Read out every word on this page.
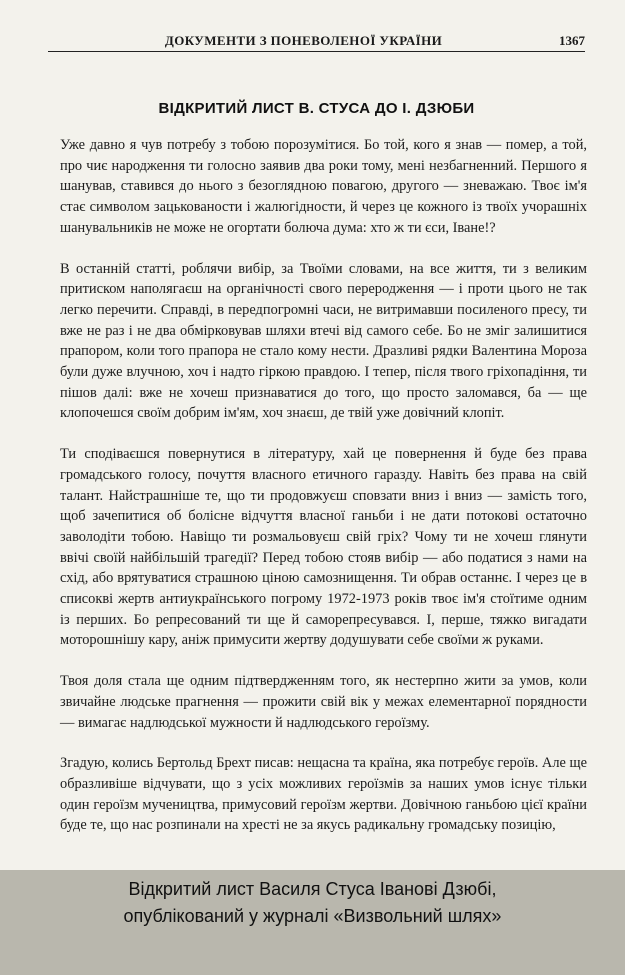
ДОКУМЕНТИ З ПОНЕВОЛЕНОЇ УКРАЇНИ	1367
ВІДКРИТИЙ ЛИСТ В. СТУСА ДО І. ДЗЮБИ

Уже давно я чув потребу з тобою порозумітися. Бо той, кого я знав — помер, а той, про чиє народження ти голосно заявив два роки тому, мені незбагненний. Першого я шанував, ставився до нього з безоглядною повагою, другого — зневажаю. Твоє ім'я стає символом зацькованости і жалюгідности, й через це кожного із твоїх учорашніх шанувальників не може не огортати болюча дума: хто ж ти єси, Іване!?

В останній статті, роблячи вибір, за Твоїми словами, на все життя, ти з великим притиском наполягаєш на органічності свого переродження — і проти цього не так легко перечити. Справді, в передпогромні часи, не витримавши посиленого пресу, ти вже не раз і не два обмірковував шляхи втечі від самого себе. Бо не зміг залишитися прапором, коли того прапора не стало кому нести. Дразливі рядки Валентина Мороза були дуже влучною, хоч і надто гіркою правдою. І тепер, після твого гріхопадіння, ти пішов далі: вже не хочеш признаватися до того, що просто заломався, ба — ще клопочешся своїм добрим ім'ям, хоч знаєш, де твій уже довічний клопіт.

Ти сподіваєшся повернутися в літературу, хай це повернення й буде без права громадського голосу, почуття власного етичного гаразду. Навіть без права на свій талант. Найстрашніше те, що ти продовжуєш сповзати вниз і вниз — замість того, щоб зачепитися об болісне відчуття власної ганьби і не дати потокові остаточно заволодіти тобою. Навіщо ти розмальовуєш свій гріх? Чому ти не хочеш глянути ввічі своїй найбільшій трагедії? Перед тобою стояв вибір — або податися з нами на схід, або врятуватися страшною ціною самознищення. Ти обрав останнє. І через це в списокві жертв антиукраїнського погрому 1972-1973 років твоє ім'я стоїтиме одним із перших. Бо репресований ти ще й саморепресувався. І, перше, тяжко вигадати моторошнішу кару, аніж примусити жертву додушувати себе своїми ж руками.

Твоя доля стала ще одним підтвердженням того, як нестерпно жити за умов, коли звичайне людське прагнення — прожити свій вік у межах елементарної порядности — вимагає надлюдської мужности й надлюдського героїзму.

Згадую, колись Бертольд Брехт писав: нещасна та країна, яка потребує героїв. Але ще образливіше відчувати, що з усіх можливих героїзмів за наших умов існує тільки один героїзм мучеництва, примусовий героїзм жертви. Довічною ганьбою цієї країни буде те, що нас розпинали на хресті не за якусь радикальну громадську позицію,

Відкритий лист Василя Стуса Івановi Дзюбі,
опублікований у журналі «Визвольний шлях»
